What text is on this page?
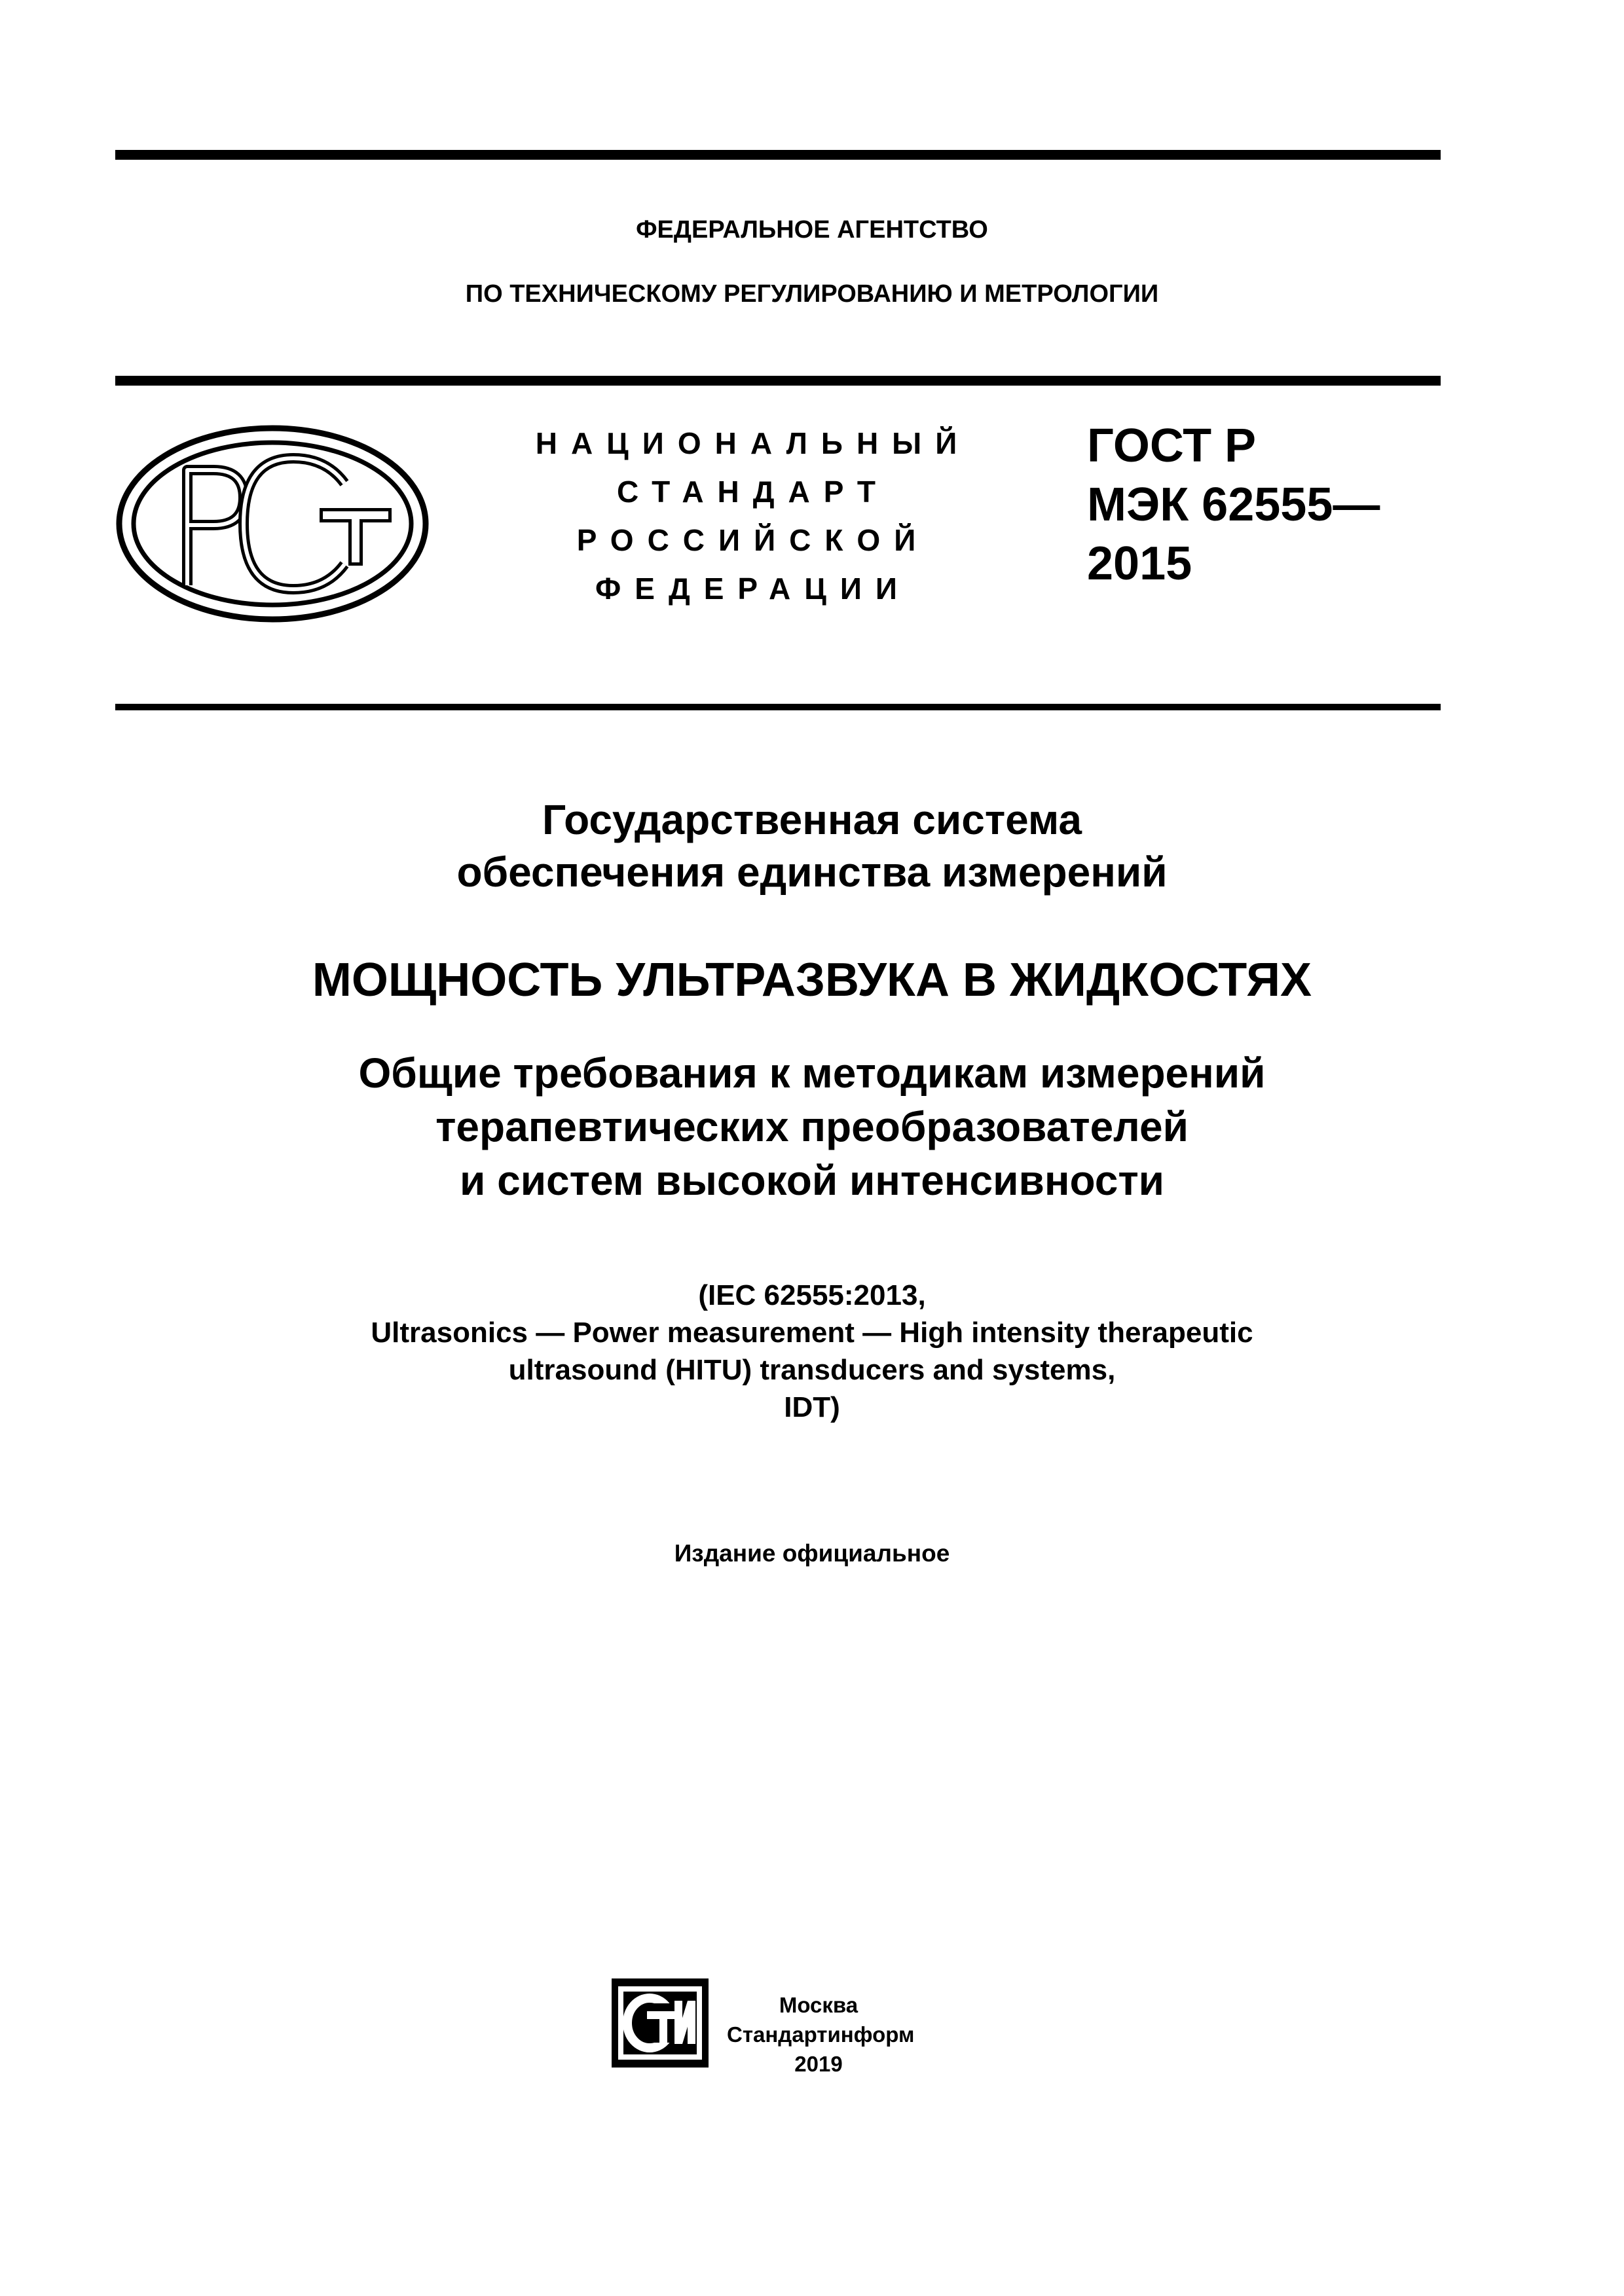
ФЕДЕРАЛЬНОЕ АГЕНТСТВО
ПО ТЕХНИЧЕСКОМУ РЕГУЛИРОВАНИЮ И МЕТРОЛОГИИ
НАЦИОНАЛЬНЫЙ
СТАНДАРТ
РОССИЙСКОЙ
ФЕДЕРАЦИИ
ГОСТ Р
МЭК 62555—
2015
Государственная система
обеспечения единства измерений
МОЩНОСТЬ УЛЬТРАЗВУКА В ЖИДКОСТЯХ
Общие требования к методикам измерений
терапевтических преобразователей
и систем высокой интенсивности
(IEC 62555:2013,
Ultrasonics — Power measurement — High intensity therapeutic
ultrasound (HITU) transducers and systems,
IDT)
Издание официальное
Москва
Стандартинформ
2019
